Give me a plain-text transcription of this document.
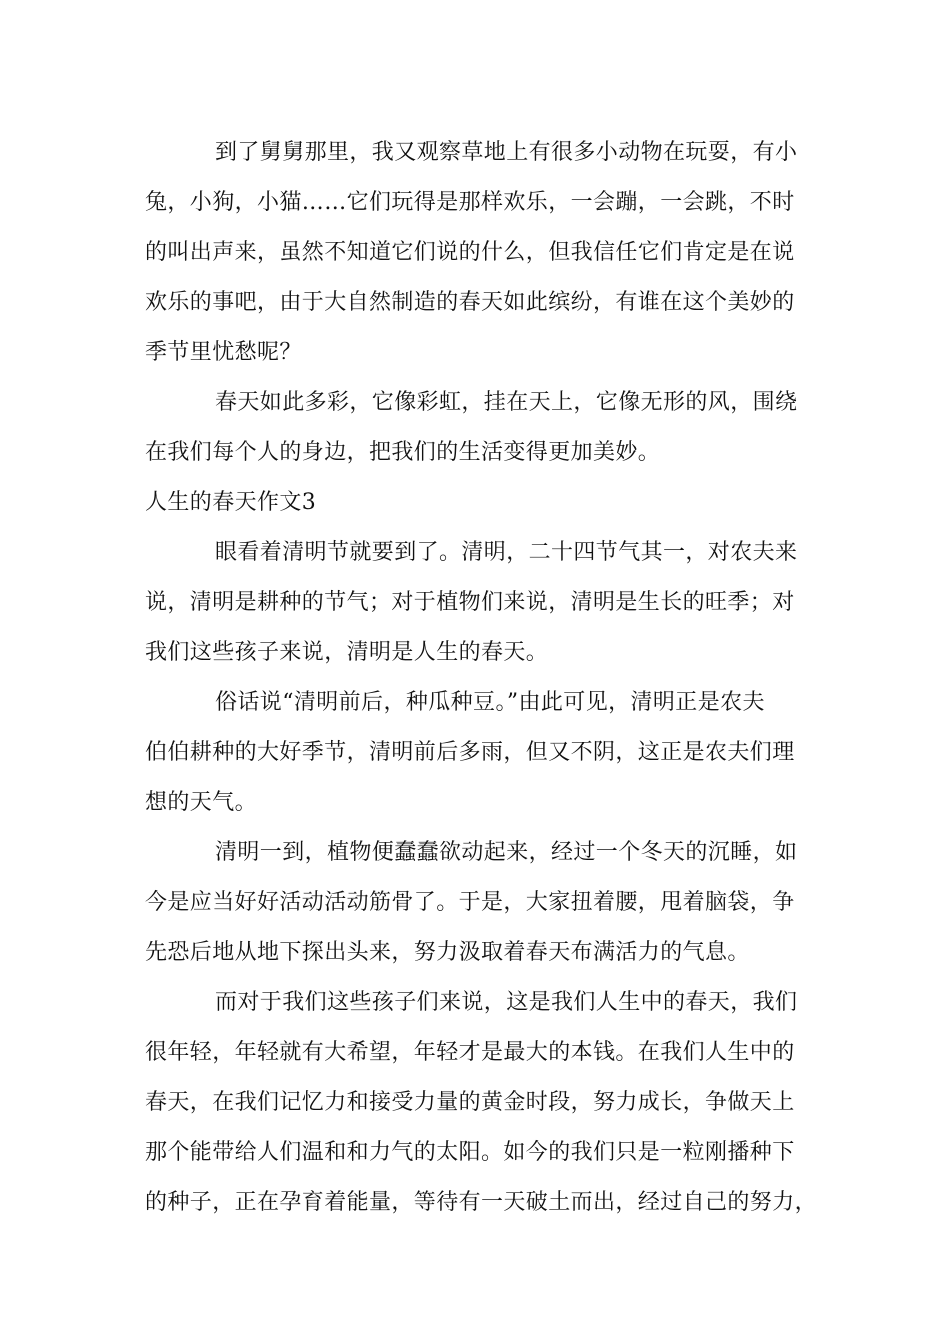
到了舅舅那里，我又观察草地上有很多小动物在玩耍，有小
兔，小狗，小猫……它们玩得是那样欢乐，一会蹦，一会跳，不时
的叫出声来，虽然不知道它们说的什么，但我信任它们肯定是在说
欢乐的事吧，由于大自然制造的春天如此缤纷，有谁在这个美妙的
季节里忧愁呢？
春天如此多彩，它像彩虹，挂在天上，它像无形的风，围绕
在我们每个人的身边，把我们的生活变得更加美妙。
人生的春天作文3
眼看着清明节就要到了。清明，二十四节气其一，对农夫来
说，清明是耕种的节气；对于植物们来说，清明是生长的旺季；对
我们这些孩子来说，清明是人生的春天。
俗话说“清明前后，种瓜种豆。”由此可见，清明正是农夫
伯伯耕种的大好季节，清明前后多雨，但又不阴，这正是农夫们理
想的天气。
清明一到，植物便蠢蠢欲动起来，经过一个冬天的沉睡，如
今是应当好好活动活动筋骨了。于是，大家扭着腰，甩着脑袋，争
先恐后地从地下探出头来，努力汲取着春天布满活力的气息。
而对于我们这些孩子们来说，这是我们人生中的春天，我们
很年轻，年轻就有大希望，年轻才是最大的本钱。在我们人生中的
春天，在我们记忆力和接受力量的黄金时段，努力成长，争做天上
那个能带给人们温和和力气的太阳。如今的我们只是一粒刚播种下
的种子，正在孕育着能量，等待有一天破土而出，经过自己的努力，
